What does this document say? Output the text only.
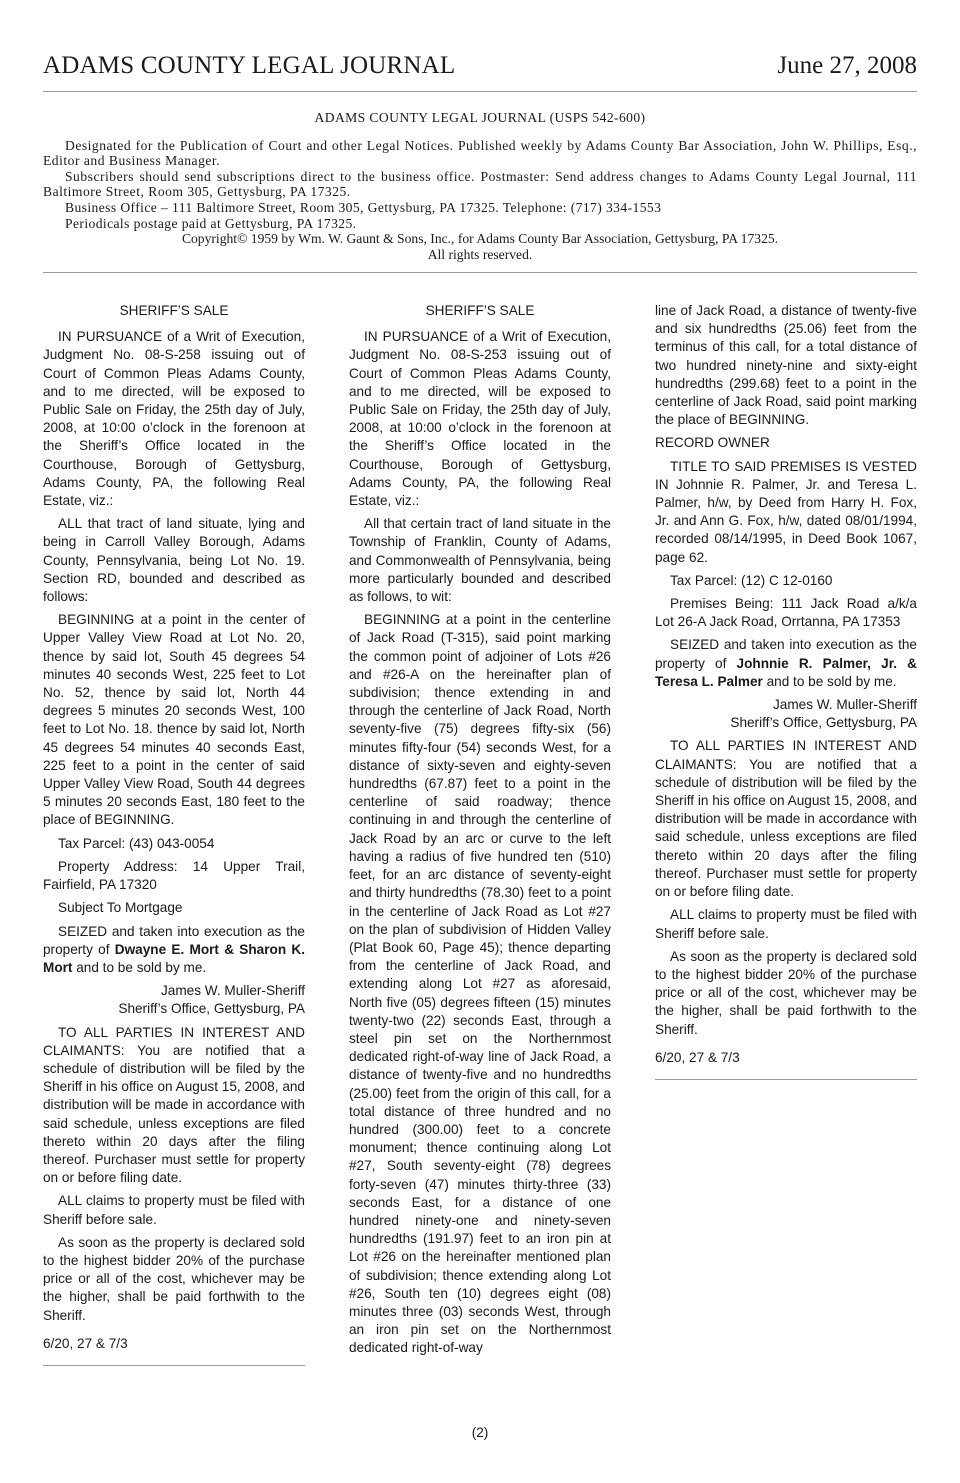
ADAMS COUNTY LEGAL JOURNAL	June 27, 2008

ADAMS COUNTY LEGAL JOURNAL (USPS 542-600)

Designated for the Publication of Court and other Legal Notices. Published weekly by Adams County Bar Association, John W. Phillips, Esq., Editor and Business Manager.

Subscribers should send subscriptions direct to the business office. Postmaster: Send address changes to Adams County Legal Journal, 111 Baltimore Street, Room 305, Gettysburg, PA 17325.

Business Office – 111 Baltimore Street, Room 305, Gettysburg, PA 17325. Telephone: (717) 334-1553

Periodicals postage paid at Gettysburg, PA 17325.

Copyright© 1959 by Wm. W. Gaunt & Sons, Inc., for Adams County Bar Association, Gettysburg, PA 17325.

All rights reserved.

SHERIFF’S SALE

IN PURSUANCE of a Writ of Execution, Judgment No. 08-S-258 issuing out of Court of Common Pleas Adams County, and to me directed, will be exposed to Public Sale on Friday, the 25th day of July, 2008, at 10:00 o’clock in the forenoon at the Sheriff’s Office located in the Courthouse, Borough of Gettysburg, Adams County, PA, the following Real Estate, viz.:

ALL that tract of land situate, lying and being in Carroll Valley Borough, Adams County, Pennsylvania, being Lot No. 19. Section RD, bounded and described as follows:

BEGINNING at a point in the center of Upper Valley View Road at Lot No. 20, thence by said lot, South 45 degrees 54 minutes 40 seconds West, 225 feet to Lot No. 52, thence by said lot, North 44 degrees 5 minutes 20 seconds West, 100 feet to Lot No. 18. thence by said lot, North 45 degrees 54 minutes 40 seconds East, 225 feet to a point in the center of said Upper Valley View Road, South 44 degrees 5 minutes 20 seconds East, 180 feet to the place of BEGINNING.

Tax Parcel: (43) 043-0054

Property Address: 14 Upper Trail, Fairfield, PA 17320

Subject To Mortgage

SEIZED and taken into execution as the property of Dwayne E. Mort & Sharon K. Mort and to be sold by me.

James W. Muller-Sheriff

Sheriff’s Office, Gettysburg, PA

TO ALL PARTIES IN INTEREST AND CLAIMANTS: You are notified that a schedule of distribution will be filed by the Sheriff in his office on August 15, 2008, and distribution will be made in accordance with said schedule, unless exceptions are filed thereto within 20 days after the filing thereof. Purchaser must settle for property on or before filing date.

ALL claims to property must be filed with Sheriff before sale.

As soon as the property is declared sold to the highest bidder 20% of the purchase price or all of the cost, whichever may be the higher, shall be paid forthwith to the Sheriff.

6/20, 27 & 7/3

SHERIFF’S SALE

IN PURSUANCE of a Writ of Execution, Judgment No. 08-S-253 issuing out of Court of Common Pleas Adams County, and to me directed, will be exposed to Public Sale on Friday, the 25th day of July, 2008, at 10:00 o’clock in the forenoon at the Sheriff’s Office located in the Courthouse, Borough of Gettysburg, Adams County, PA, the following Real Estate, viz.:

All that certain tract of land situate in the Township of Franklin, County of Adams, and Commonwealth of Pennsylvania, being more particularly bounded and described as follows, to wit:

BEGINNING at a point in the centerline of Jack Road (T-315), said point marking the common point of adjoiner of Lots #26 and #26-A on the hereinafter plan of subdivision; thence extending in and through the centerline of Jack Road, North seventy-five (75) degrees fifty-six (56) minutes fifty-four (54) seconds West, for a distance of sixty-seven and eighty-seven hundredths (67.87) feet to a point in the centerline of said roadway; thence continuing in and through the centerline of Jack Road by an arc or curve to the left having a radius of five hundred ten (510) feet, for an arc distance of seventy-eight and thirty hundredths (78.30) feet to a point in the centerline of Jack Road as Lot #27 on the plan of subdivision of Hidden Valley (Plat Book 60, Page 45); thence departing from the centerline of Jack Road, and extending along Lot #27 as aforesaid, North five (05) degrees fifteen (15) minutes twenty-two (22) seconds East, through a steel pin set on the Northernmost dedicated right-of-way line of Jack Road, a distance of twenty-five and no hundredths (25.00) feet from the origin of this call, for a total distance of three hundred and no hundred (300.00) feet to a concrete monument; thence continuing along Lot #27, South seventy-eight (78) degrees forty-seven (47) minutes thirty-three (33) seconds East, for a distance of one hundred ninety-one and ninety-seven hundredths (191.97) feet to an iron pin at Lot #26 on the hereinafter mentioned plan of subdivision; thence extending along Lot #26, South ten (10) degrees eight (08) minutes three (03) seconds West, through an iron pin set on the Northernmost dedicated right-of-way

line of Jack Road, a distance of twenty-five and six hundredths (25.06) feet from the terminus of this call, for a total distance of two hundred ninety-nine and sixty-eight hundredths (299.68) feet to a point in the centerline of Jack Road, said point marking the place of BEGINNING.

RECORD OWNER

TITLE TO SAID PREMISES IS VESTED IN Johnnie R. Palmer, Jr. and Teresa L. Palmer, h/w, by Deed from Harry H. Fox, Jr. and Ann G. Fox, h/w, dated 08/01/1994, recorded 08/14/1995, in Deed Book 1067, page 62.

Tax Parcel: (12) C 12-0160

Premises Being: 111 Jack Road a/k/a Lot 26-A Jack Road, Orrtanna, PA 17353

SEIZED and taken into execution as the property of Johnnie R. Palmer, Jr. & Teresa L. Palmer and to be sold by me.

James W. Muller-Sheriff

Sheriff’s Office, Gettysburg, PA

TO ALL PARTIES IN INTEREST AND CLAIMANTS: You are notified that a schedule of distribution will be filed by the Sheriff in his office on August 15, 2008, and distribution will be made in accordance with said schedule, unless exceptions are filed thereto within 20 days after the filing thereof. Purchaser must settle for property on or before filing date.

ALL claims to property must be filed with Sheriff before sale.

As soon as the property is declared sold to the highest bidder 20% of the purchase price or all of the cost, whichever may be the higher, shall be paid forthwith to the Sheriff.

6/20, 27 & 7/3

(2)
